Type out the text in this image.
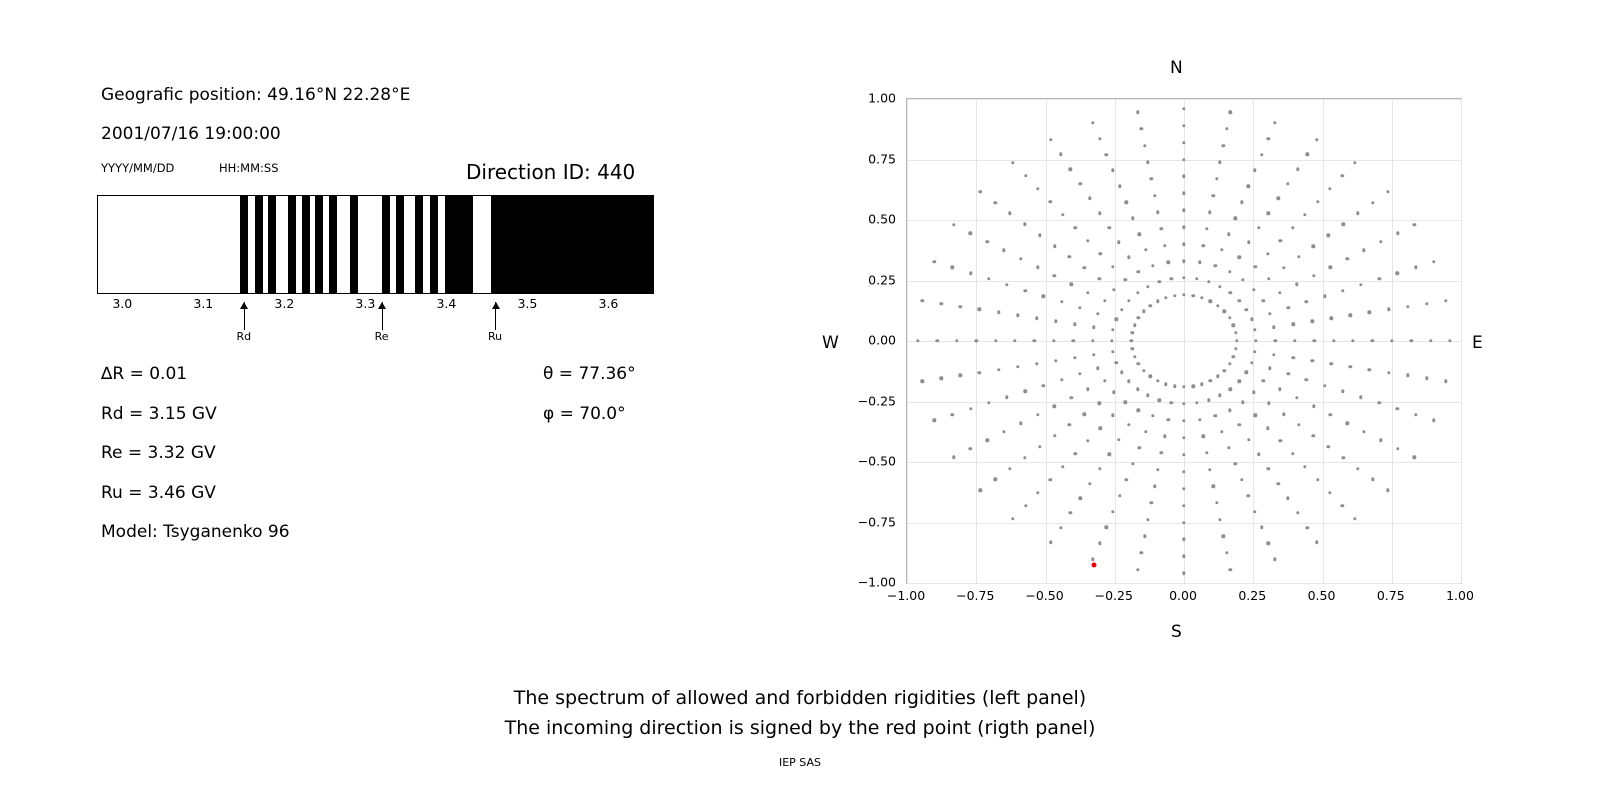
Geografic position: 49.16°N 22.28°E
2001/07/16 19:00:00
YYYY/MM/DD	HH:MM:SS	Direction ID: 440
3.0	3.1	3.2	3.3	3.4	3.5	3.6
Rd	Re	Ru
∆R = 0.01
Rd = 3.15 GV
Re = 3.32 GV
Ru = 3.46 GV
Model: Tsyganenko 96
θ = 77.36°
φ = 70.0°
N
S
W	E
−1.00 −0.75 −0.50 −0.25	0.00	0.25	0.50	0.75	1.00
−1.00
−0.75
−0.50
−0.25
0.00
0.25
0.50
0.75
1.00
The spectrum of allowed and forbidden rigidities (left panel)
The incoming direction is signed by the red point (rigth panel)
IEP SAS
